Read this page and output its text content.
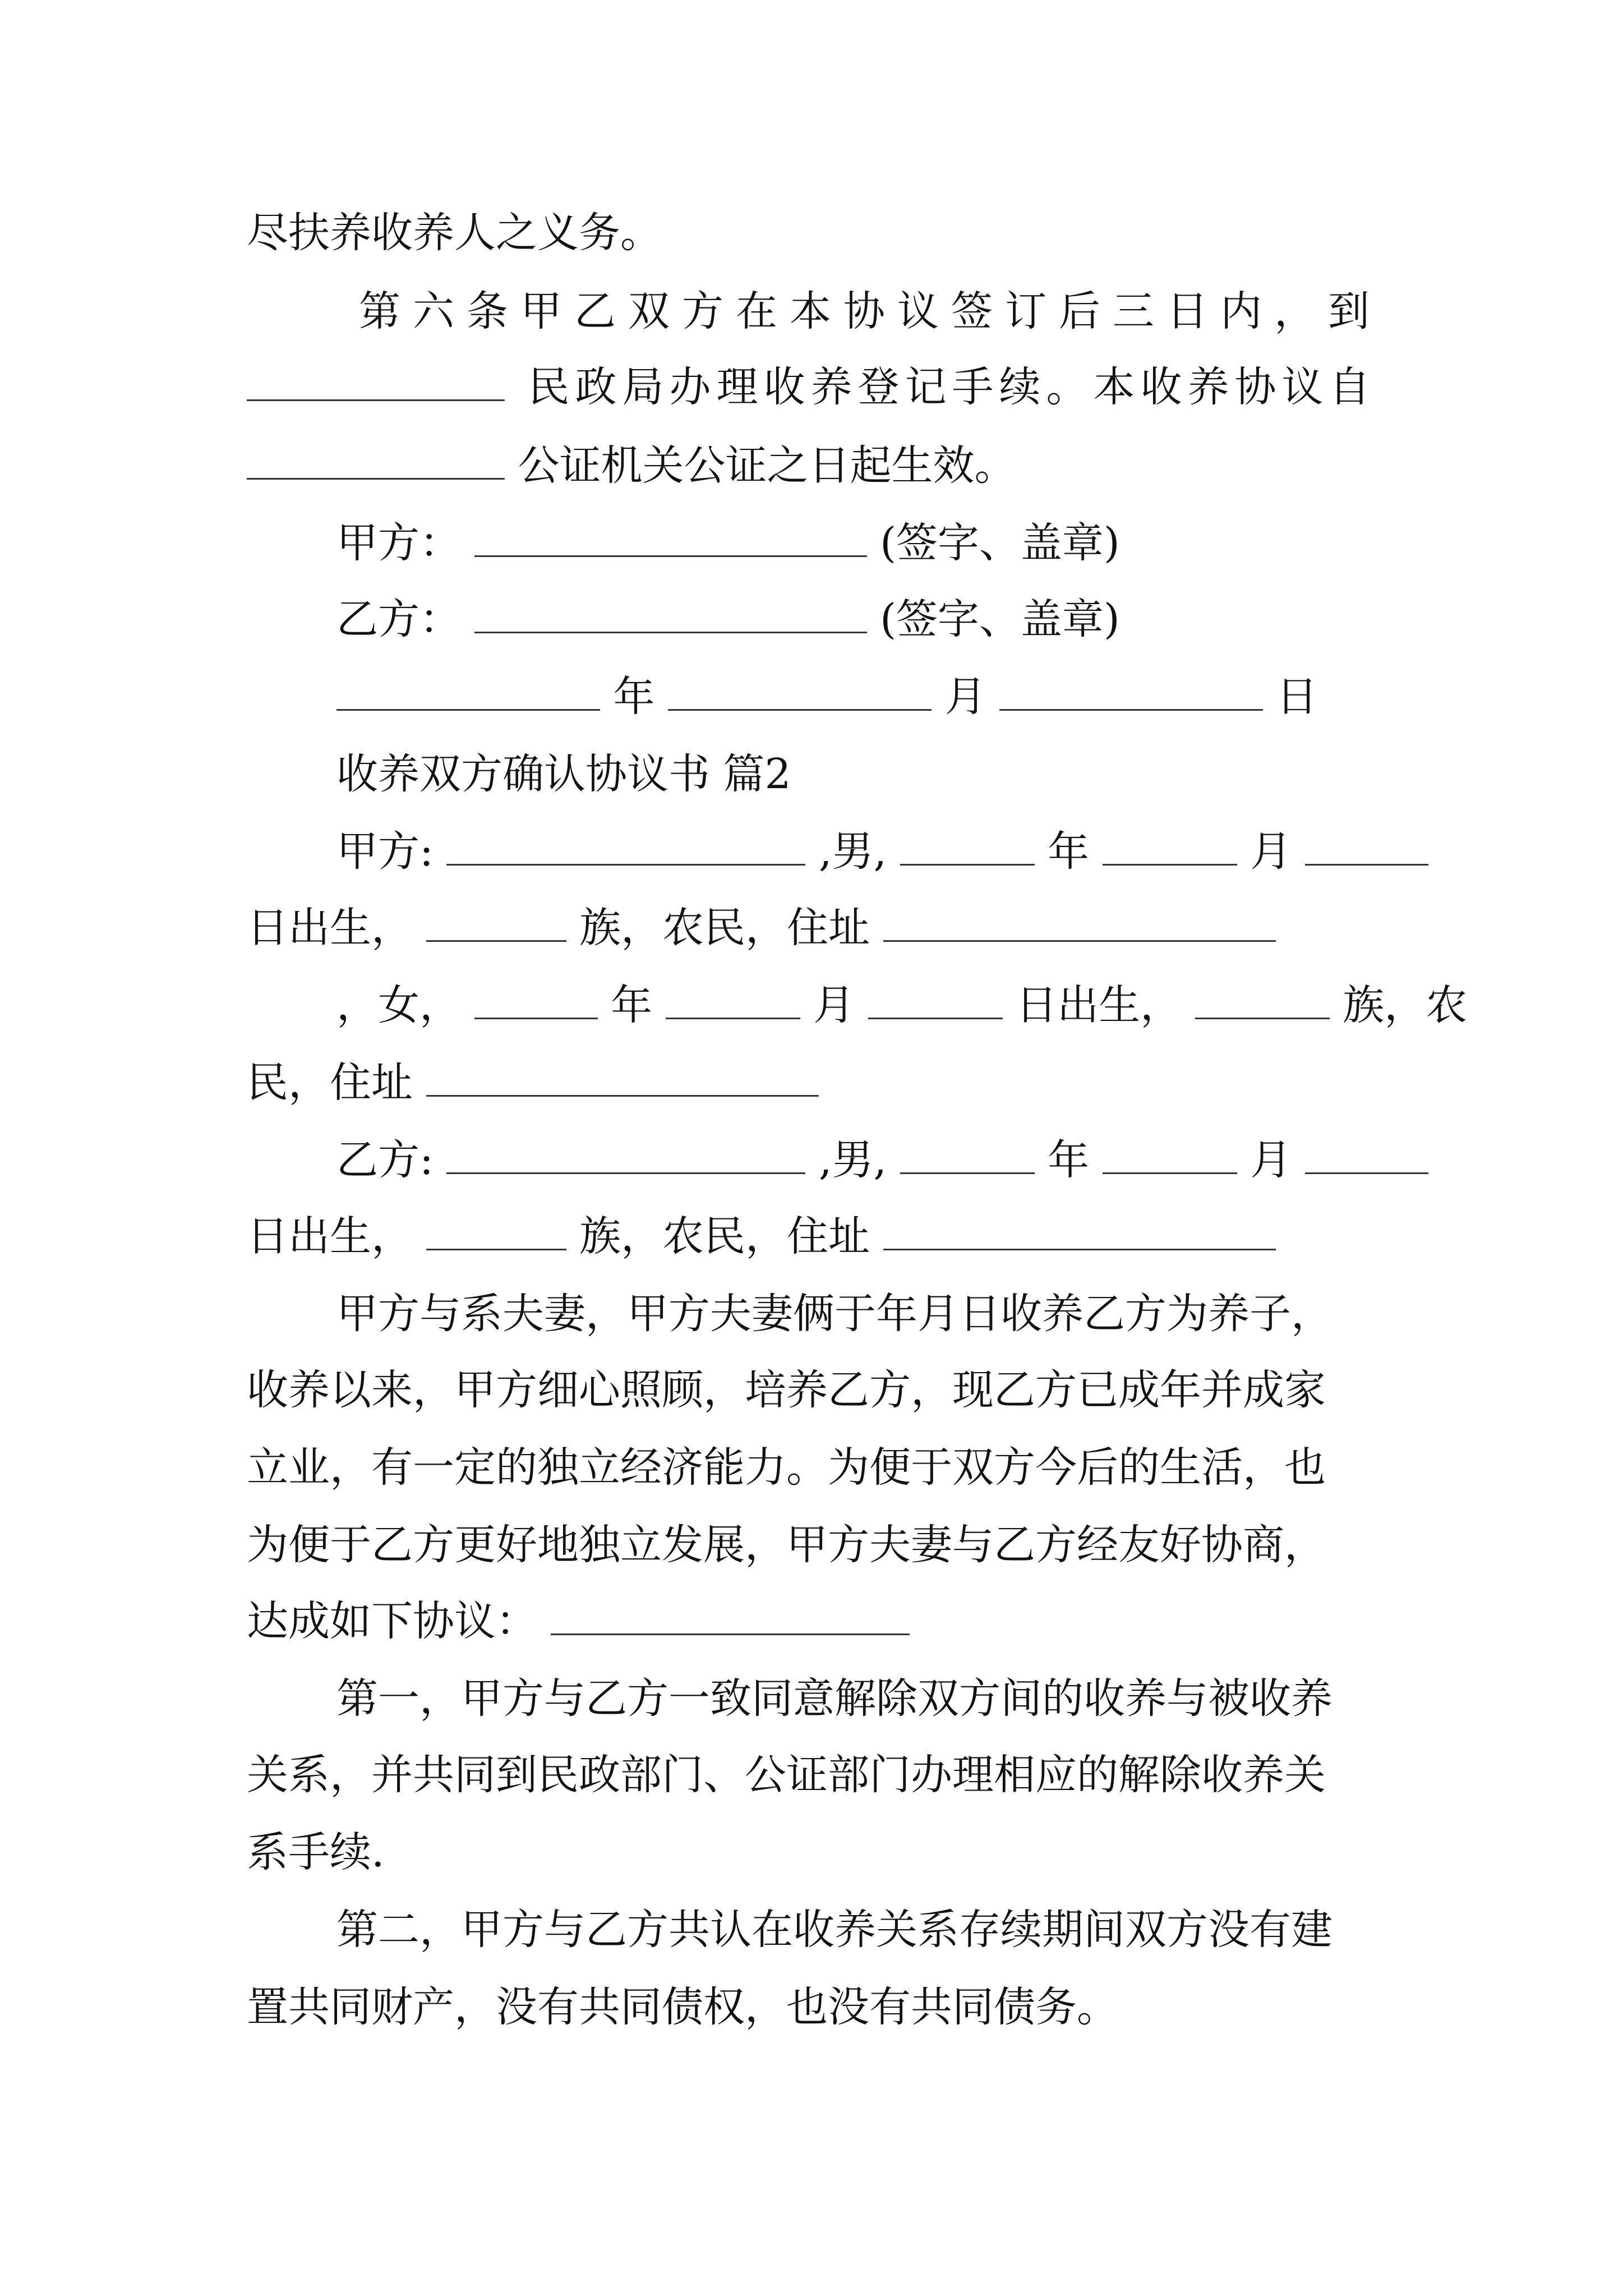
尽扶养收养人之义务。
第六条甲乙双方在本协议签订后三日内，到
民政局办理收养登记手续。本收养协议自
公证机关公证之日起生效。
甲方：	(签字、盖章)
乙方：	(签字、盖章)
年	月	日
收养双方确认协议书 篇2
甲方:	,男,	年	月
日出生，	族，农民，住址
，女，	年	月	日出生，	族，农
民，住址
乙方:	,男,	年	月
日出生，	族，农民，住址
甲方与系夫妻，甲方夫妻俩于年月日收养乙方为养子，
收养以来，甲方细心照顾，培养乙方，现乙方已成年并成家
立业，有一定的独立经济能力。为便于双方今后的生活，也
为便于乙方更好地独立发展，甲方夫妻与乙方经友好协商，
达成如下协议：
第一，甲方与乙方一致同意解除双方间的收养与被收养
关系，并共同到民政部门、公证部门办理相应的解除收养关
系手续.
第二，甲方与乙方共认在收养关系存续期间双方没有建
置共同财产，没有共同债权，也没有共同债务。
